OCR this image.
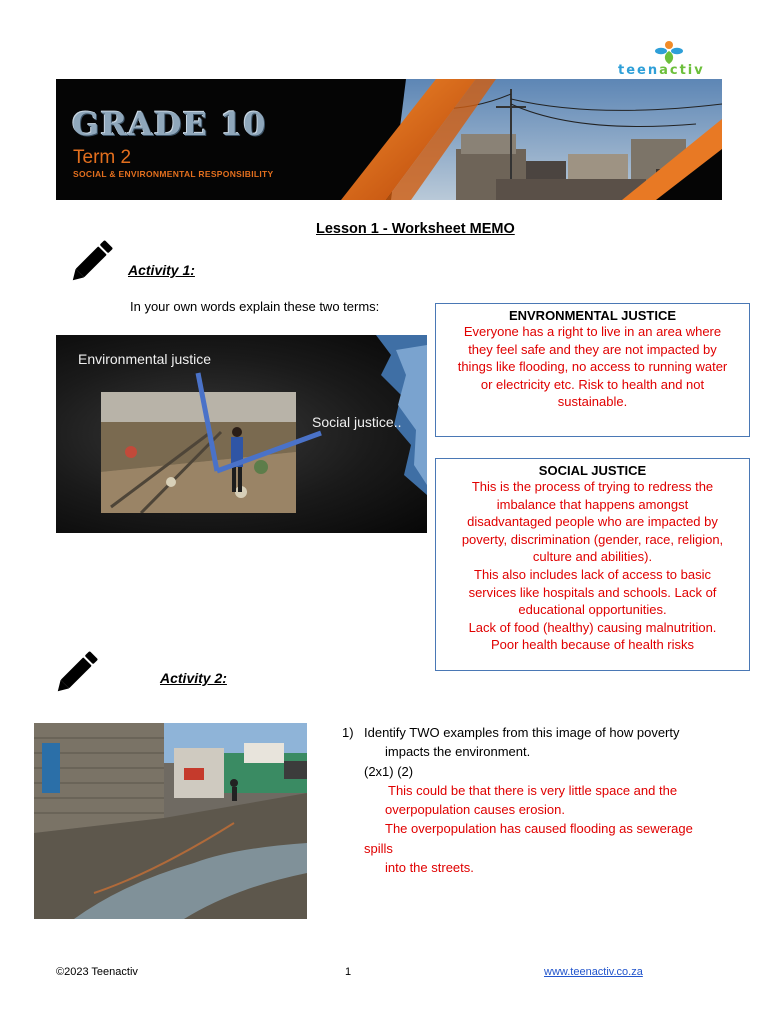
teenactiv
GRADE 10
Term 2
SOCIAL & ENVIRONMENTAL RESPONSIBILITY
Lesson 1 - Worksheet MEMO
Activity 1:
In your own words explain these two terms:
Environmental justice
Social justice..
ENVRONMENTAL JUSTICE
Everyone has a right to live in an area where
they feel safe and they are not impacted by
things like flooding, no access to running water
or electricity etc. Risk to health and not
sustainable.
SOCIAL JUSTICE
This is the process of trying to redress the
imbalance that happens amongst
disadvantaged people who are impacted by
poverty, discrimination (gender, race, religion,
culture and abilities).
This also includes lack of access to basic
services like hospitals and schools. Lack of
educational opportunities.
Lack of food (healthy) causing malnutrition.
Poor health because of health risks
Activity 2:
1) Identify TWO examples from this image of how poverty
impacts the environment.
(2x1) (2)
This could be that there is very little space and the
overpopulation causes erosion.
The overpopulation has caused flooding as sewerage
spills
into the streets.
©2023 Teenactiv	1	www.teenactiv.co.za
